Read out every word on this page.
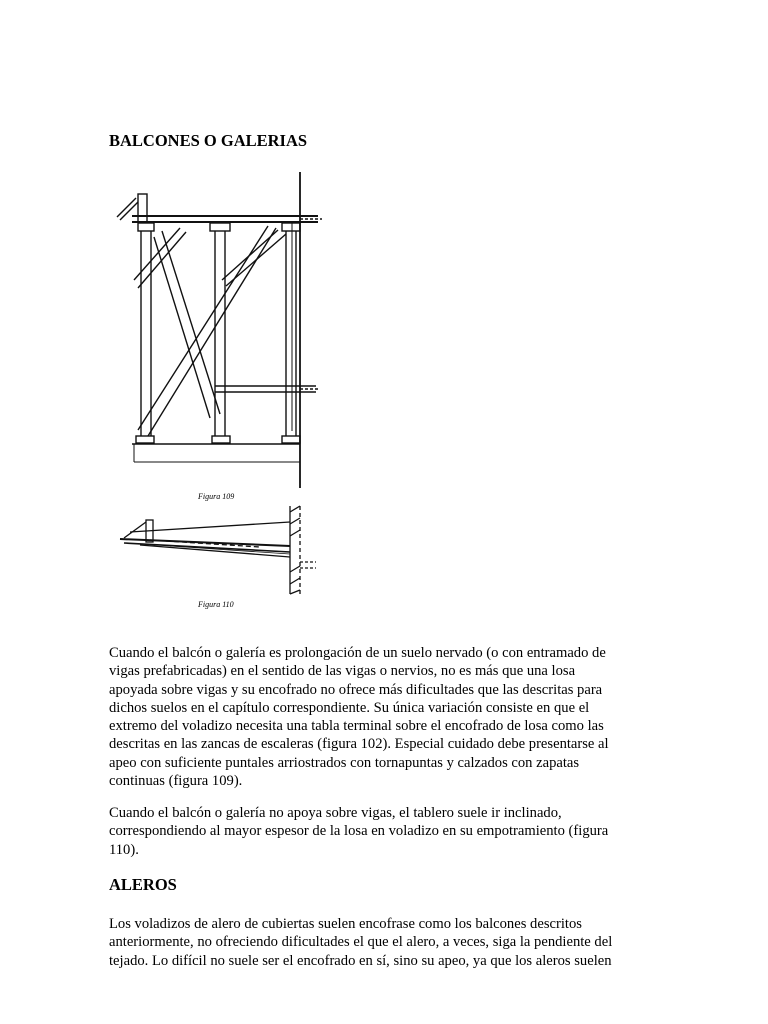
BALCONES O GALERIAS
Figura 109
Figura 110
Cuando el balcón o galería es prolongación de un suelo nervado (o con entramado de
vigas prefabricadas) en el sentido de las vigas o nervios, no es más que una losa
apoyada sobre vigas y su encofrado no ofrece más dificultades que las descritas para
dichos suelos en el capítulo correspondiente. Su única variación consiste en que el
extremo del voladizo necesita una tabla terminal sobre el encofrado de losa como las
descritas en las zancas de escaleras (figura 102). Especial cuidado debe presentarse al
apeo con suficiente puntales arriostrados con tornapuntas y calzados con zapatas
continuas (figura 109).
Cuando el balcón o galería no apoya sobre vigas, el tablero suele ir inclinado,
correspondiendo al mayor espesor de la losa en voladizo en su empotramiento (figura
110).
ALEROS
Los voladizos de alero de cubiertas suelen encofrase como los balcones descritos
anteriormente, no ofreciendo dificultades el que el alero, a veces, siga la pendiente del
tejado. Lo difícil no suele ser el encofrado en sí, sino su apeo, ya que los aleros suelen
